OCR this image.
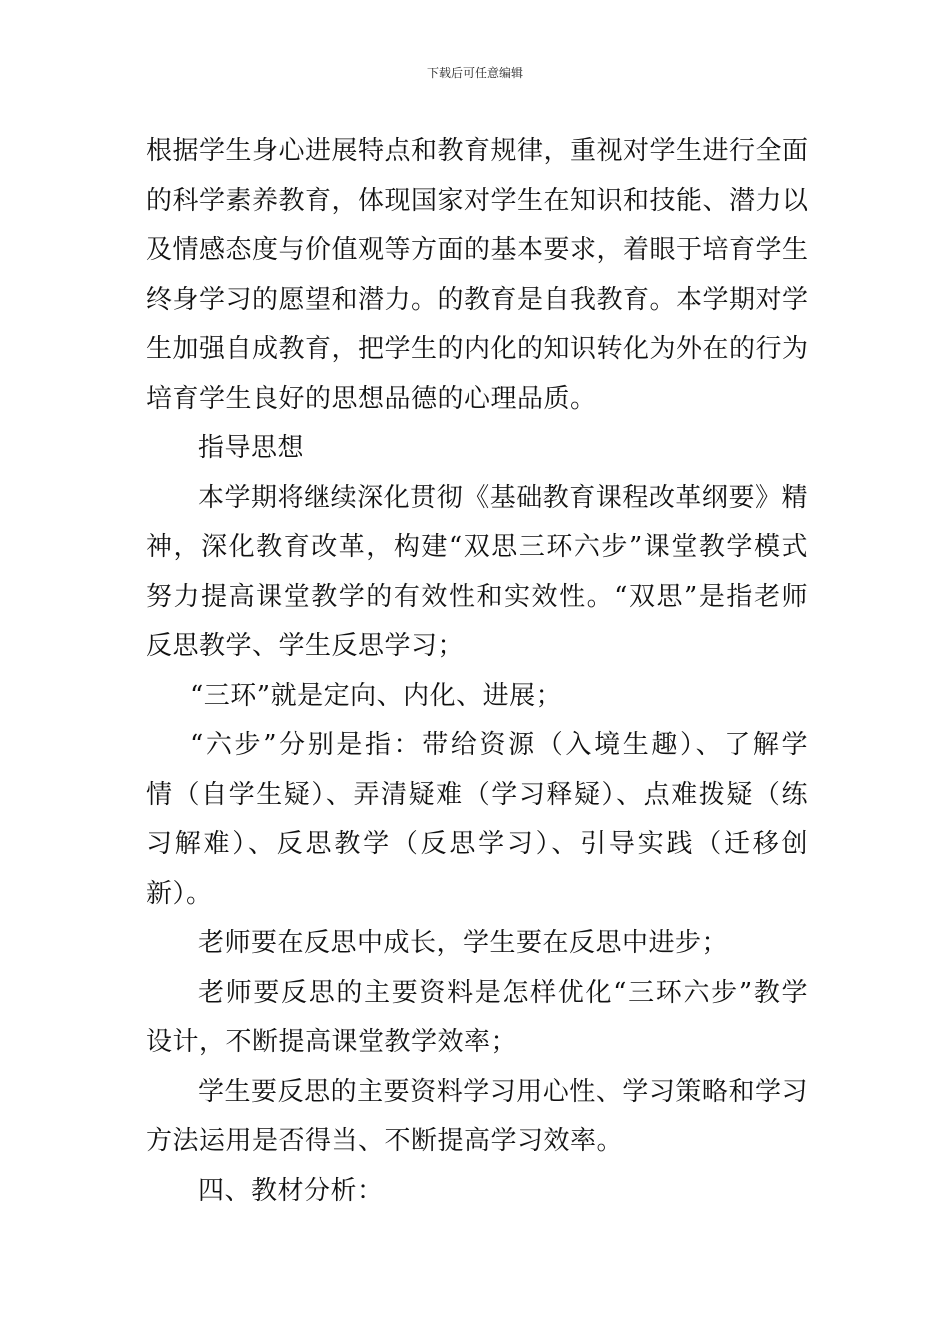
下载后可任意编辑
根据学生身心进展特点和教育规律，重视对学生进行全面
的科学素养教育，体现国家对学生在知识和技能、潜力以
及情感态度与价值观等方面的基本要求，着眼于培育学生
终身学习的愿望和潜力。的教育是自我教育。本学期对学
生加强自成教育，把学生的内化的知识转化为外在的行为
培育学生良好的思想品德的心理品质。
指导思想
本学期将继续深化贯彻《基础教育课程改革纲要》精
神，深化教育改革，构建“双思三环六步”课堂教学模式
努力提高课堂教学的有效性和实效性。“双思”是指老师
反思教学、学生反思学习；
“三环”就是定向、内化、进展；
“六步”分别是指：带给资源（入境生趣）、了解学
情（自学生疑）、弄清疑难（学习释疑）、点难拨疑（练
习解难）、反思教学（反思学习）、引导实践（迁移创
新）。
老师要在反思中成长，学生要在反思中进步；
老师要反思的主要资料是怎样优化“三环六步”教学
设计，不断提高课堂教学效率；
学生要反思的主要资料学习用心性、学习策略和学习
方法运用是否得当、不断提高学习效率。
四、教材分析：
